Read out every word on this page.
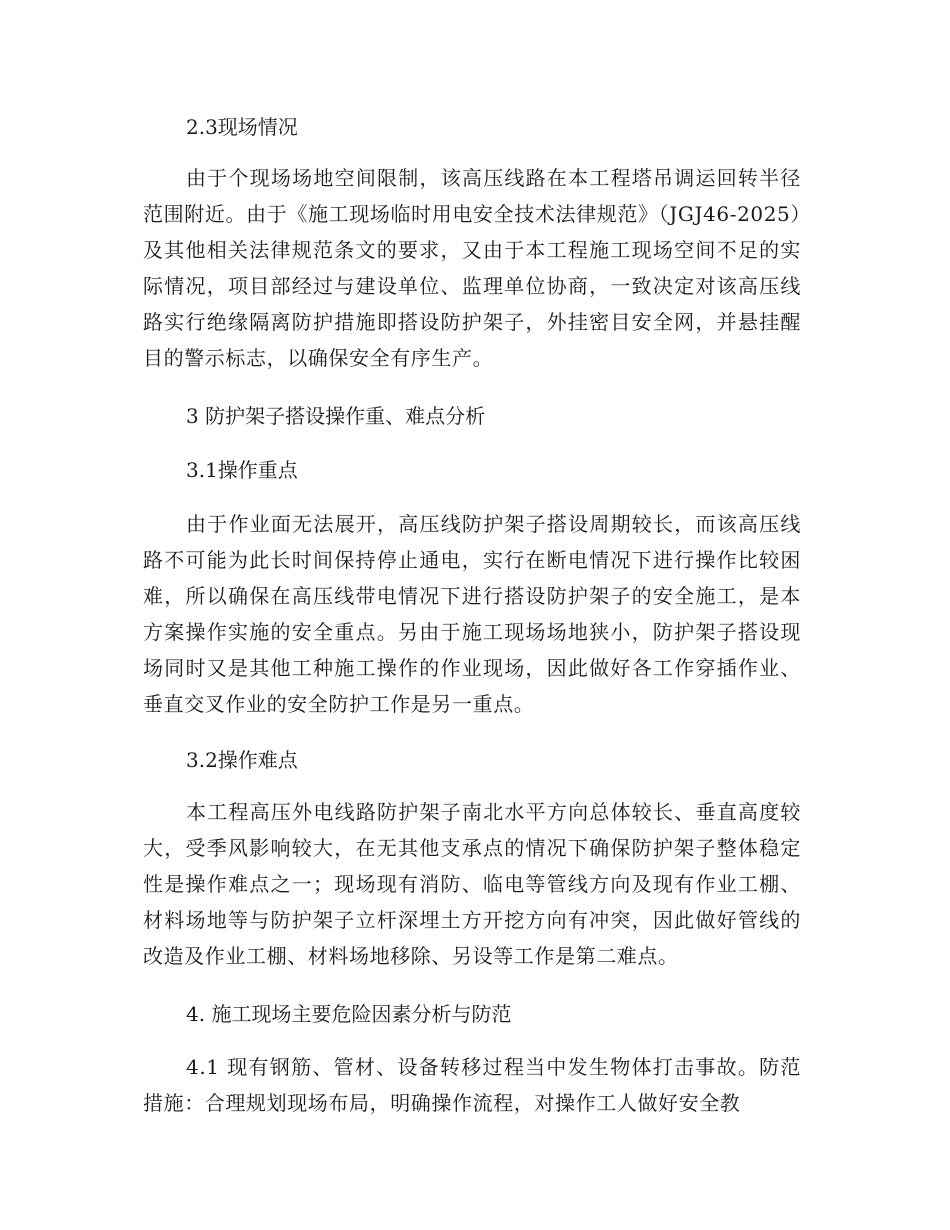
2.3现场情况
由于个现场场地空间限制，该高压线路在本工程塔吊调运回转半径范围附近。由于《施工现场临时用电安全技术法律规范》（JGJ46-2025）及其他相关法律规范条文的要求，又由于本工程施工现场空间不足的实际情况，项目部经过与建设单位、监理单位协商，一致决定对该高压线路实行绝缘隔离防护措施即搭设防护架子，外挂密目安全网，并悬挂醒目的警示标志，以确保安全有序生产。
3 防护架子搭设操作重、难点分析
3.1操作重点
由于作业面无法展开，高压线防护架子搭设周期较长，而该高压线路不可能为此长时间保持停止通电，实行在断电情况下进行操作比较困难，所以确保在高压线带电情况下进行搭设防护架子的安全施工，是本方案操作实施的安全重点。另由于施工现场场地狭小，防护架子搭设现场同时又是其他工种施工操作的作业现场，因此做好各工作穿插作业、垂直交叉作业的安全防护工作是另一重点。
3.2操作难点
本工程高压外电线路防护架子南北水平方向总体较长、垂直高度较大，受季风影响较大，在无其他支承点的情况下确保防护架子整体稳定性是操作难点之一；现场现有消防、临电等管线方向及现有作业工棚、材料场地等与防护架子立杆深埋土方开挖方向有冲突，因此做好管线的改造及作业工棚、材料场地移除、另设等工作是第二难点。
4. 施工现场主要危险因素分析与防范
4.1 现有钢筋、管材、设备转移过程当中发生物体打击事故。防范措施：合理规划现场布局，明确操作流程，对操作工人做好安全教
